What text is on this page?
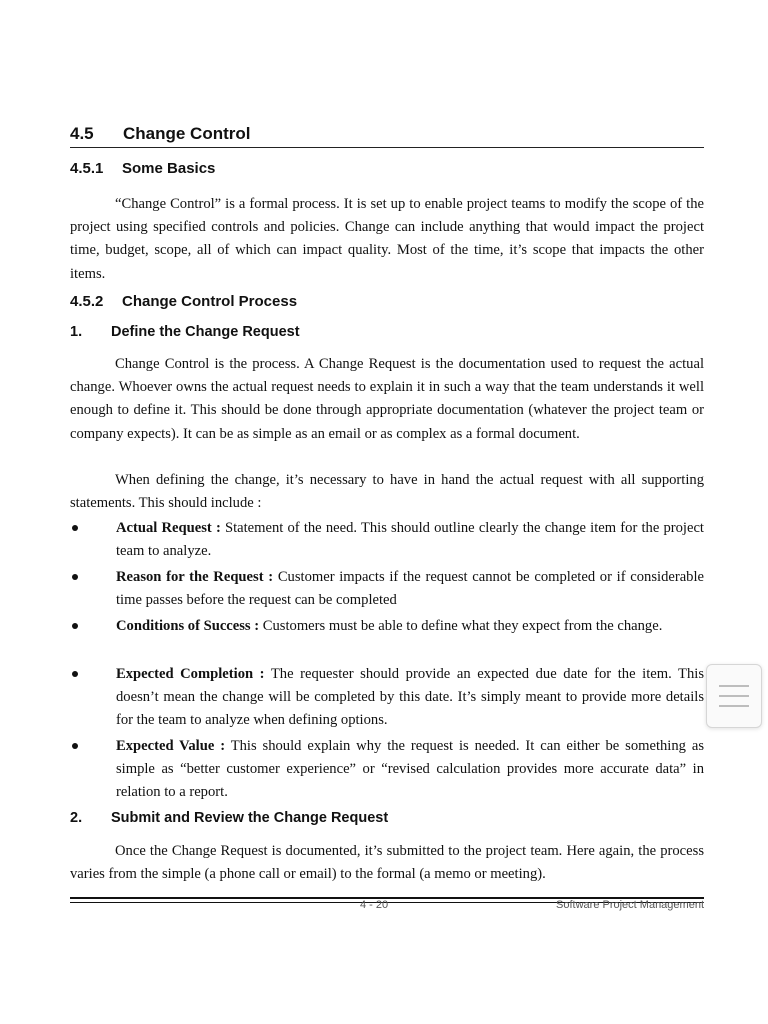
4.5 Change Control
4.5.1 Some Basics

“Change Control” is a formal process. It is set up to enable project teams to modify the scope of the project using specified controls and policies. Change can include anything that would impact the project time, budget, scope, all of which can impact quality. Most of the time, it’s scope that impacts the other items.

4.5.2 Change Control Process
1. Define the Change Request

Change Control is the process. A Change Request is the documentation used to request the actual change. Whoever owns the actual request needs to explain it in such a way that the team understands it well enough to define it. This should be done through appropriate documentation (whatever the project team or company expects). It can be as simple as an email or as complex as a formal document.

When defining the change, it’s necessary to have in hand the actual request with all supporting statements. This should include :

Actual Request : Statement of the need. This should outline clearly the change item for the project team to analyze.
Reason for the Request : Customer impacts if the request cannot be completed or if considerable time passes before the request can be completed
Conditions of Success : Customers must be able to define what they expect from the change.
Expected Completion : The requester should provide an expected due date for the item. This doesn’t mean the change will be completed by this date. It’s simply meant to provide more details for the team to analyze when defining options.
Expected Value : This should explain why the request is needed. It can either be something as simple as “better customer experience” or “revised calculation provides more accurate data” in relation to a report.
2. Submit and Review the Change Request

Once the Change Request is documented, it’s submitted to the project team. Here again, the process varies from the simple (a phone call or email) to the formal (a memo or meeting).

4 - 20	Software Project Management
